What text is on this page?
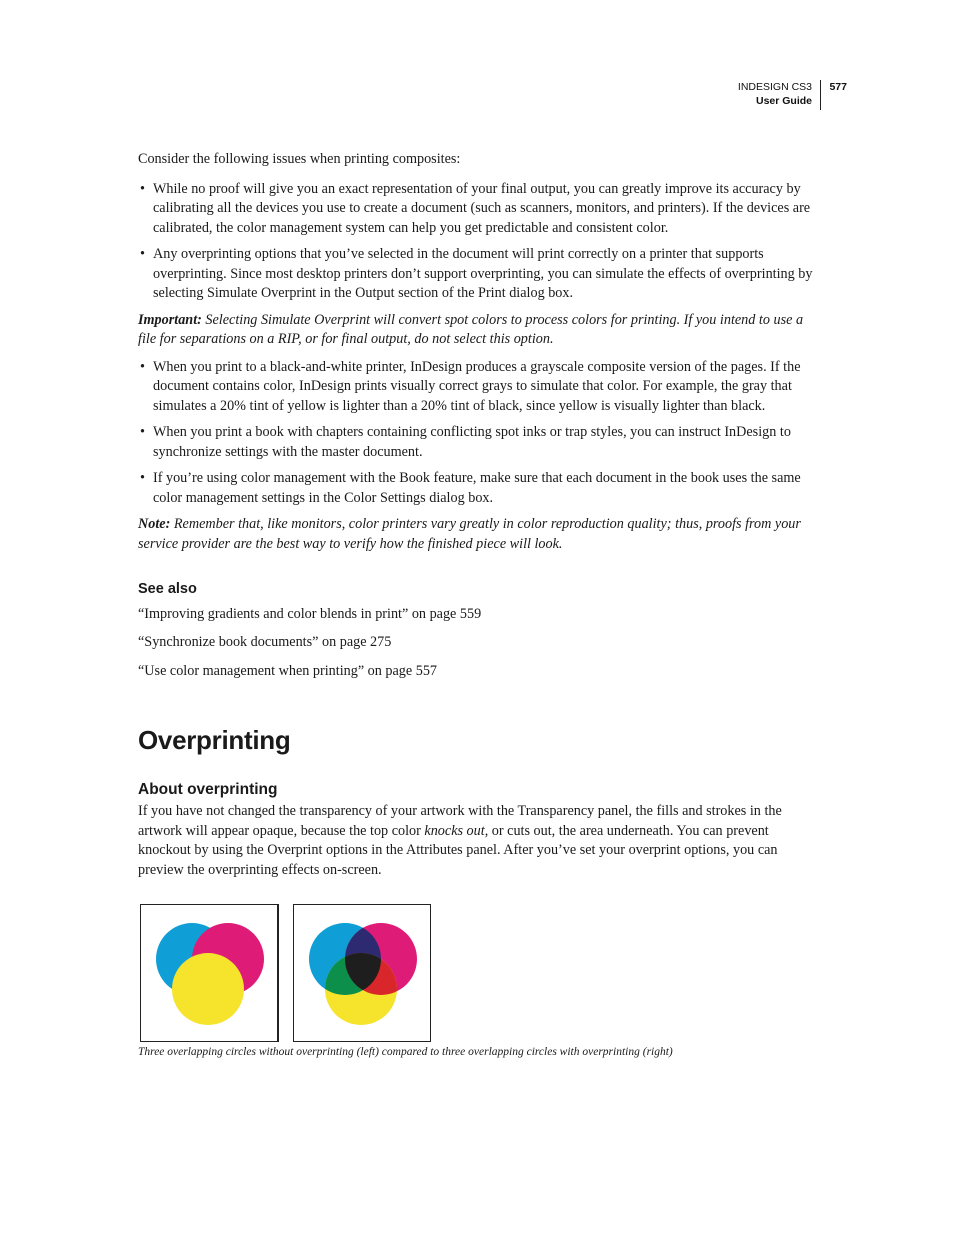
INDESIGN CS3
User Guide

577

Consider the following issues when printing composites:

• While no proof will give you an exact representation of your final output, you can greatly improve its accuracy by calibrating all the devices you use to create a document (such as scanners, monitors, and printers). If the devices are calibrated, the color management system can help you get predictable and consistent color.
• Any overprinting options that you’ve selected in the document will print correctly on a printer that supports overprinting. Since most desktop printers don’t support overprinting, you can simulate the effects of overprinting by selecting Simulate Overprint in the Output section of the Print dialog box.

Important: Selecting Simulate Overprint will convert spot colors to process colors for printing. If you intend to use a file for separations on a RIP, or for final output, do not select this option.

• When you print to a black-and-white printer, InDesign produces a grayscale composite version of the pages. If the document contains color, InDesign prints visually correct grays to simulate that color. For example, the gray that simulates a 20% tint of yellow is lighter than a 20% tint of black, since yellow is visually lighter than black.
• When you print a book with chapters containing conflicting spot inks or trap styles, you can instruct InDesign to synchronize settings with the master document.
• If you’re using color management with the Book feature, make sure that each document in the book uses the same color management settings in the Color Settings dialog box.

Note: Remember that, like monitors, color printers vary greatly in color reproduction quality; thus, proofs from your service provider are the best way to verify how the finished piece will look.

See also

“Improving gradients and color blends in print” on page 559

“Synchronize book documents” on page 275

“Use color management when printing” on page 557

Overprinting
About overprinting

If you have not changed the transparency of your artwork with the Transparency panel, the fills and strokes in the artwork will appear opaque, because the top color knocks out, or cuts out, the area underneath. You can prevent knockout by using the Overprint options in the Attributes panel. After you’ve set your overprint options, you can preview the overprinting effects on-screen.

Three overlapping circles without overprinting (left) compared to three overlapping circles with overprinting (right)
